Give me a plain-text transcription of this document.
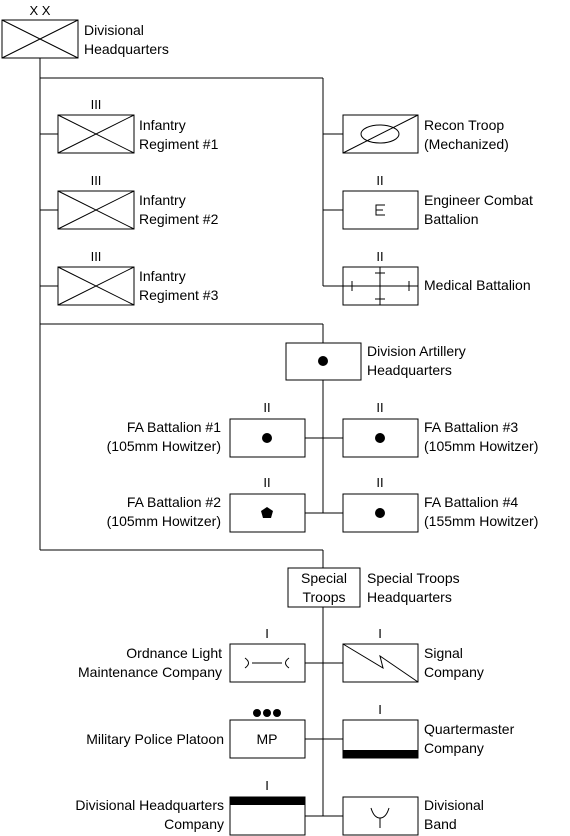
X X
Divisional
Headquarters
III
Infantry
Regiment #1
III
Infantry
Regiment #2
III
Infantry
Regiment #3
Recon Troop
(Mechanized)
II
Engineer Combat
Battalion
II
Medical Battalion
Division Artillery
Headquarters
II
FA Battalion #1
(105mm Howitzer)
II
FA Battalion #3
(105mm Howitzer)
II
FA Battalion #2
(105mm Howitzer)
II
FA Battalion #4
(155mm Howitzer)
Special
Troops
Special Troops
Headquarters
I
Ordnance Light
Maintenance Company
I
Signal
Company
MP
Military Police Platoon
I
Quartermaster
Company
I
Divisional Headquarters
Company
Divisional
Band
